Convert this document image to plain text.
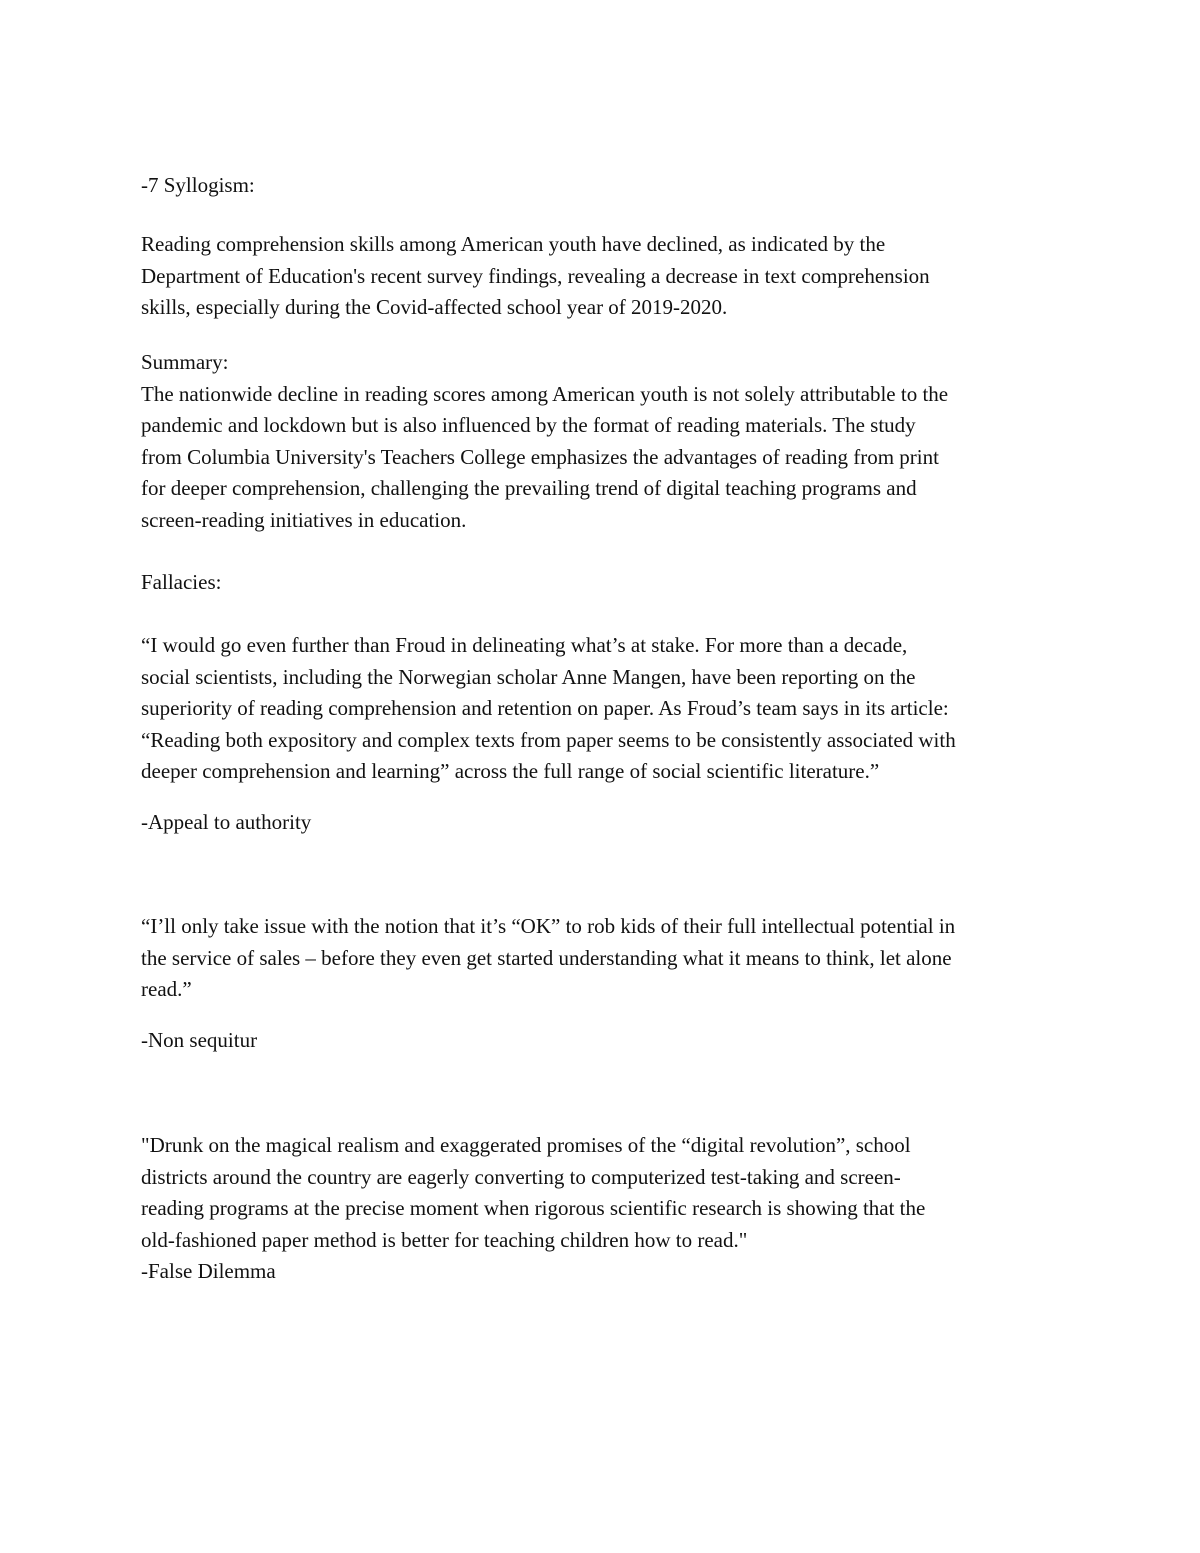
-7 Syllogism:

Reading comprehension skills among American youth have declined, as indicated by the
Department of Education's recent survey findings, revealing a decrease in text comprehension
skills, especially during the Covid-affected school year of 2019-2020.

Summary:
The nationwide decline in reading scores among American youth is not solely attributable to the
pandemic and lockdown but is also influenced by the format of reading materials. The study
from Columbia University's Teachers College emphasizes the advantages of reading from print
for deeper comprehension, challenging the prevailing trend of digital teaching programs and
screen-reading initiatives in education.

Fallacies:

“I would go even further than Froud in delineating what’s at stake. For more than a decade,
social scientists, including the Norwegian scholar Anne Mangen, have been reporting on the
superiority of reading comprehension and retention on paper. As Froud’s team says in its article:
“Reading both expository and complex texts from paper seems to be consistently associated with
deeper comprehension and learning” across the full range of social scientific literature.”

-Appeal to authority

“I’ll only take issue with the notion that it’s “OK” to rob kids of their full intellectual potential in
the service of sales – before they even get started understanding what it means to think, let alone
read.”

-Non sequitur

"Drunk on the magical realism and exaggerated promises of the “digital revolution”, school
districts around the country are eagerly converting to computerized test-taking and screen-
reading programs at the precise moment when rigorous scientific research is showing that the
old-fashioned paper method is better for teaching children how to read."
-False Dilemma
